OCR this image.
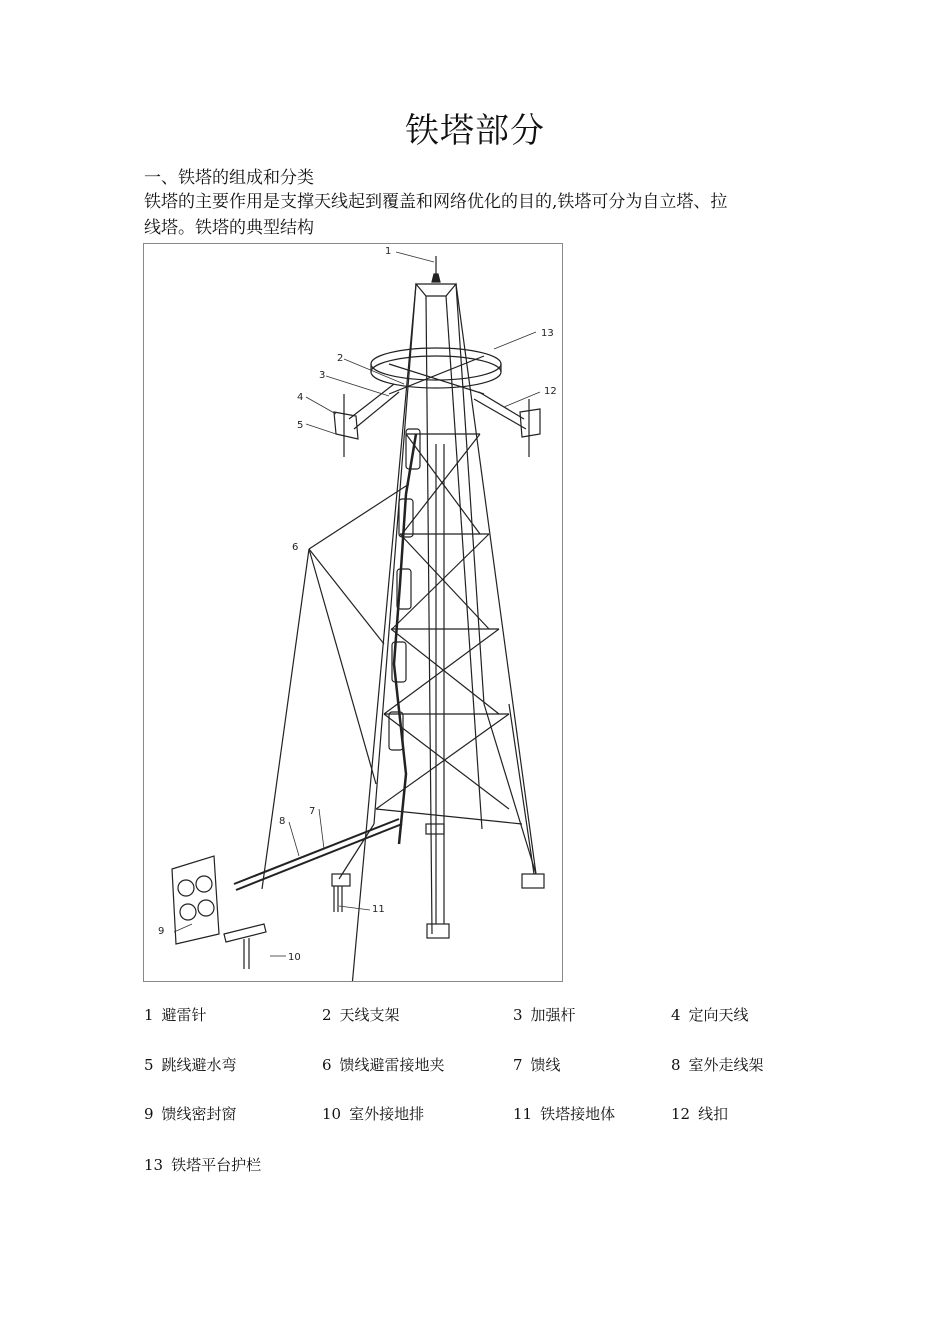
铁塔部分
一、铁塔的组成和分类
铁塔的主要作用是支撑天线起到覆盖和网络优化的目的,铁塔可分为自立塔、拉
线塔。铁塔的典型结构
1
2
3
4
5
6
7
8
9
10
11
12
13
1 避雷针	2 天线支架	3 加强杆	4 定向天线
5 跳线避水弯	6 馈线避雷接地夹	7 馈线	8 室外走线架
9 馈线密封窗	10 室外接地排	11 铁塔接地体	12 线扣
13 铁塔平台护栏
